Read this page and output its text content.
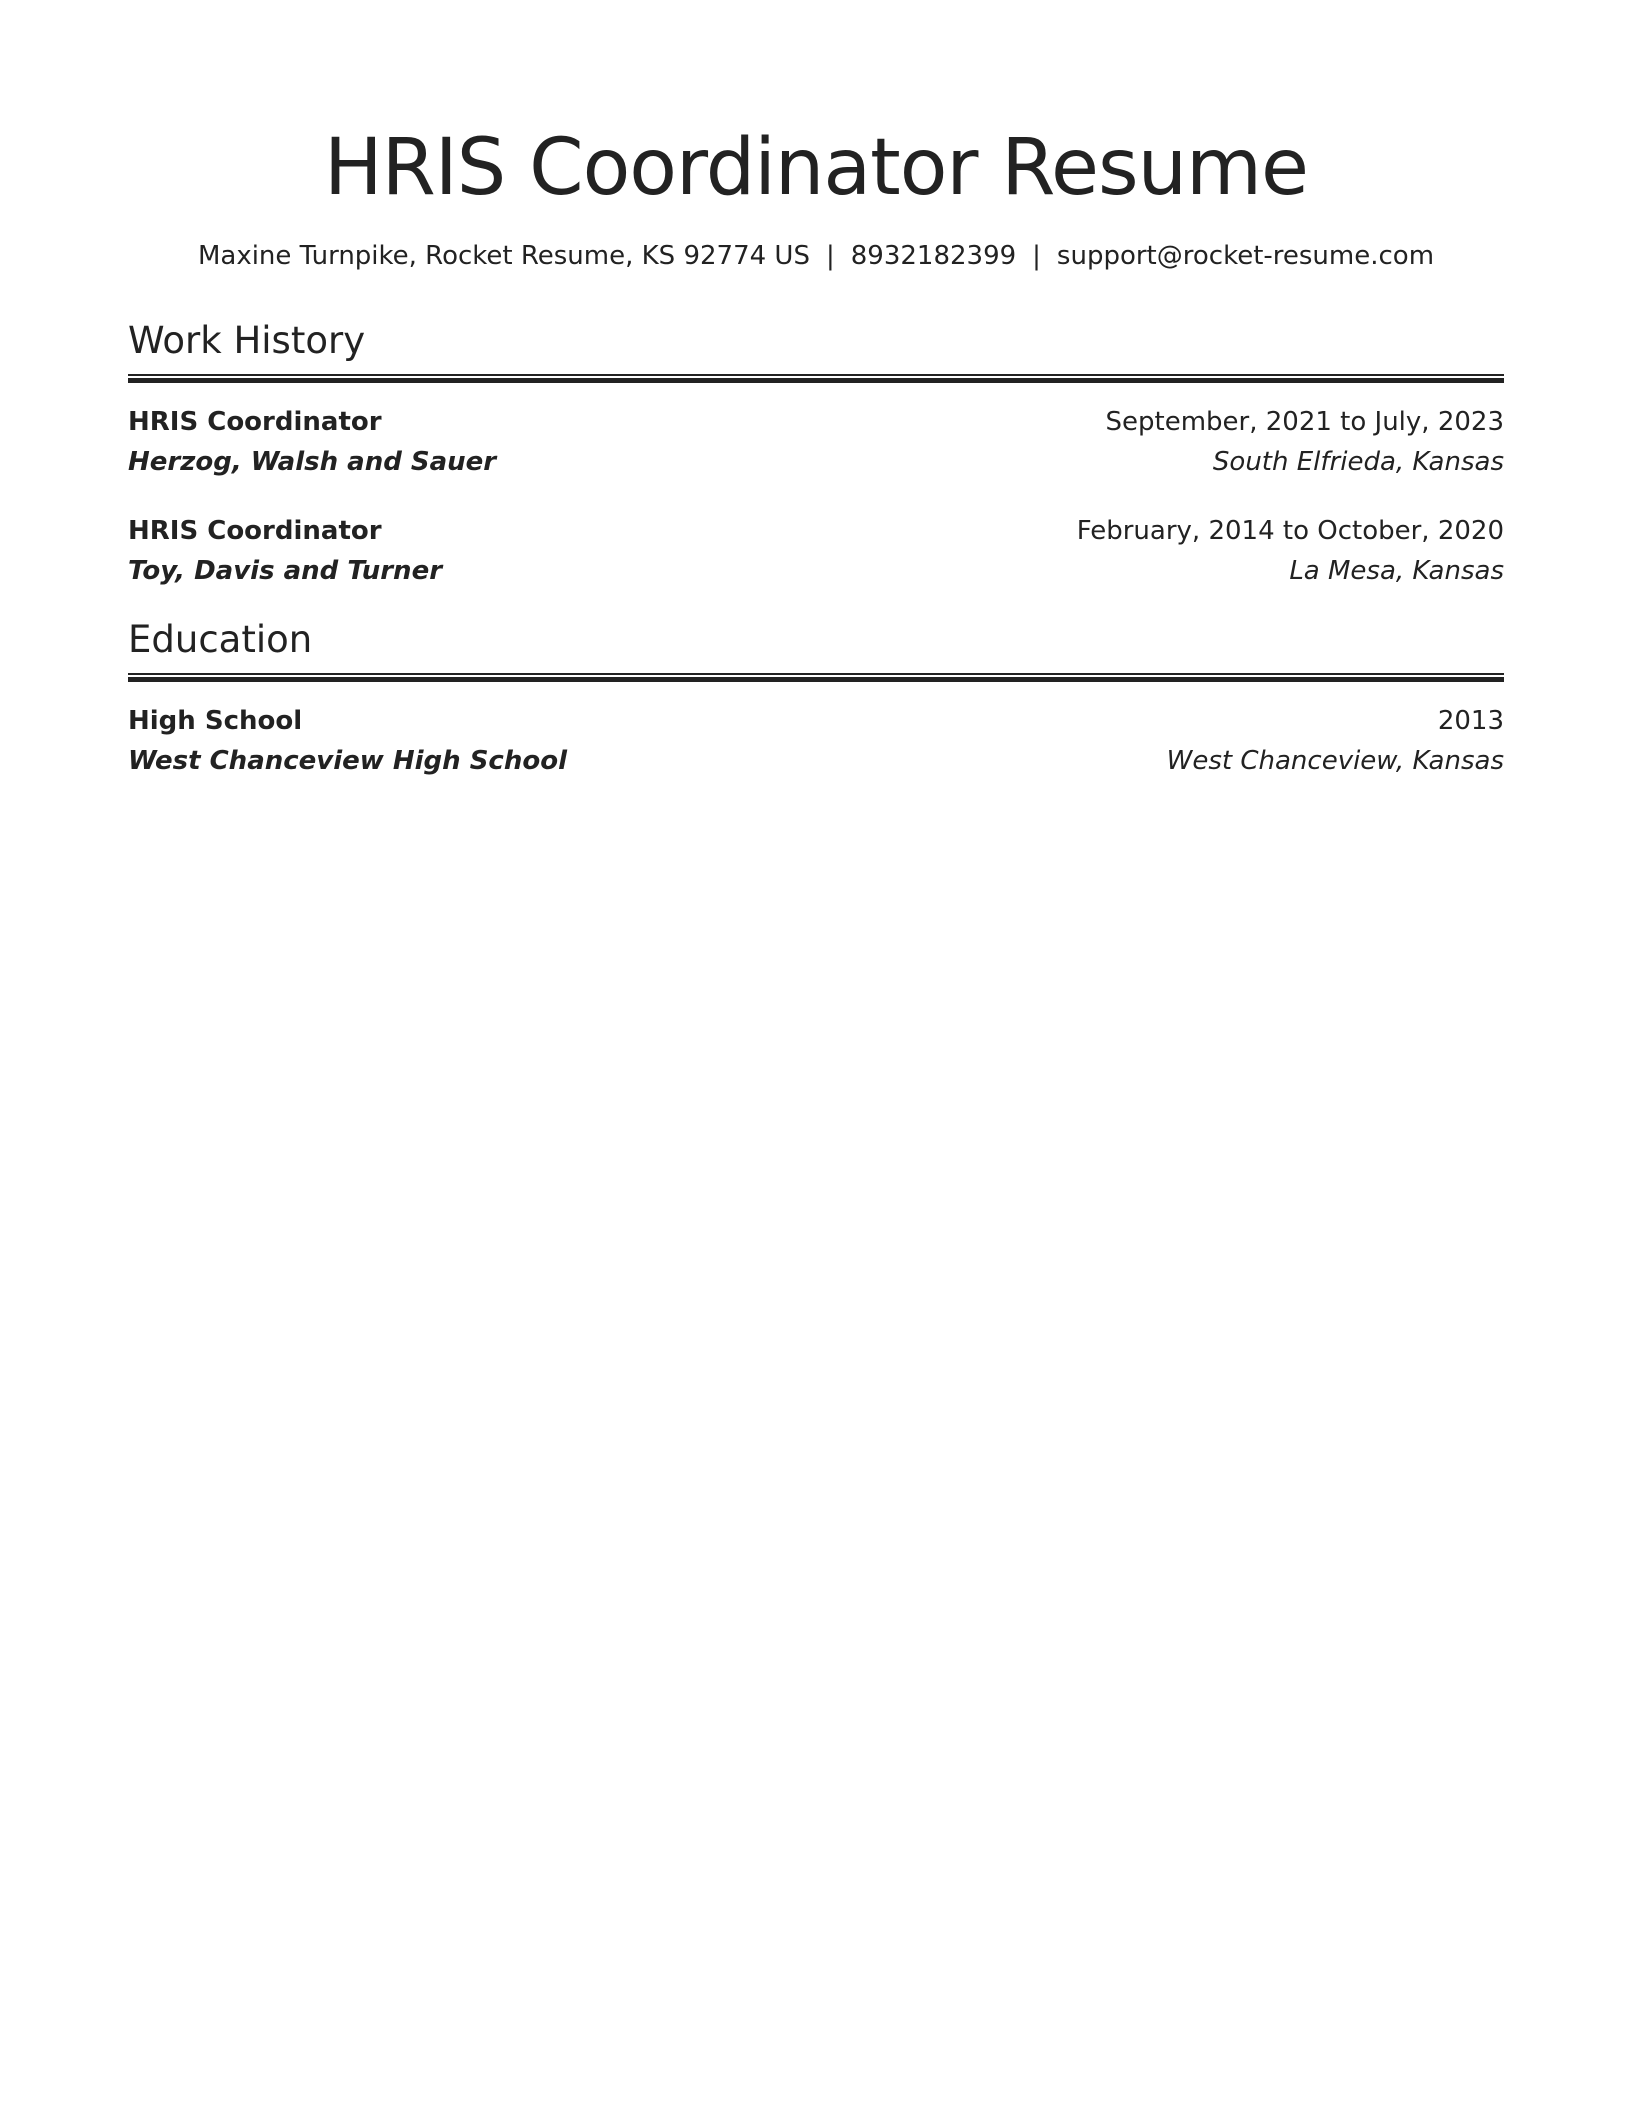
HRIS Coordinator Resume
Maxine Turnpike, Rocket Resume, KS 92774 US | 8932182399 | support@rocket-resume.com
Work History
HRIS Coordinator	September, 2021 to July, 2023
Herzog, Walsh and Sauer	South Elfrieda, Kansas
HRIS Coordinator	February, 2014 to October, 2020
Toy, Davis and Turner	La Mesa, Kansas
Education
High School	2013
West Chanceview High School	West Chanceview, Kansas
